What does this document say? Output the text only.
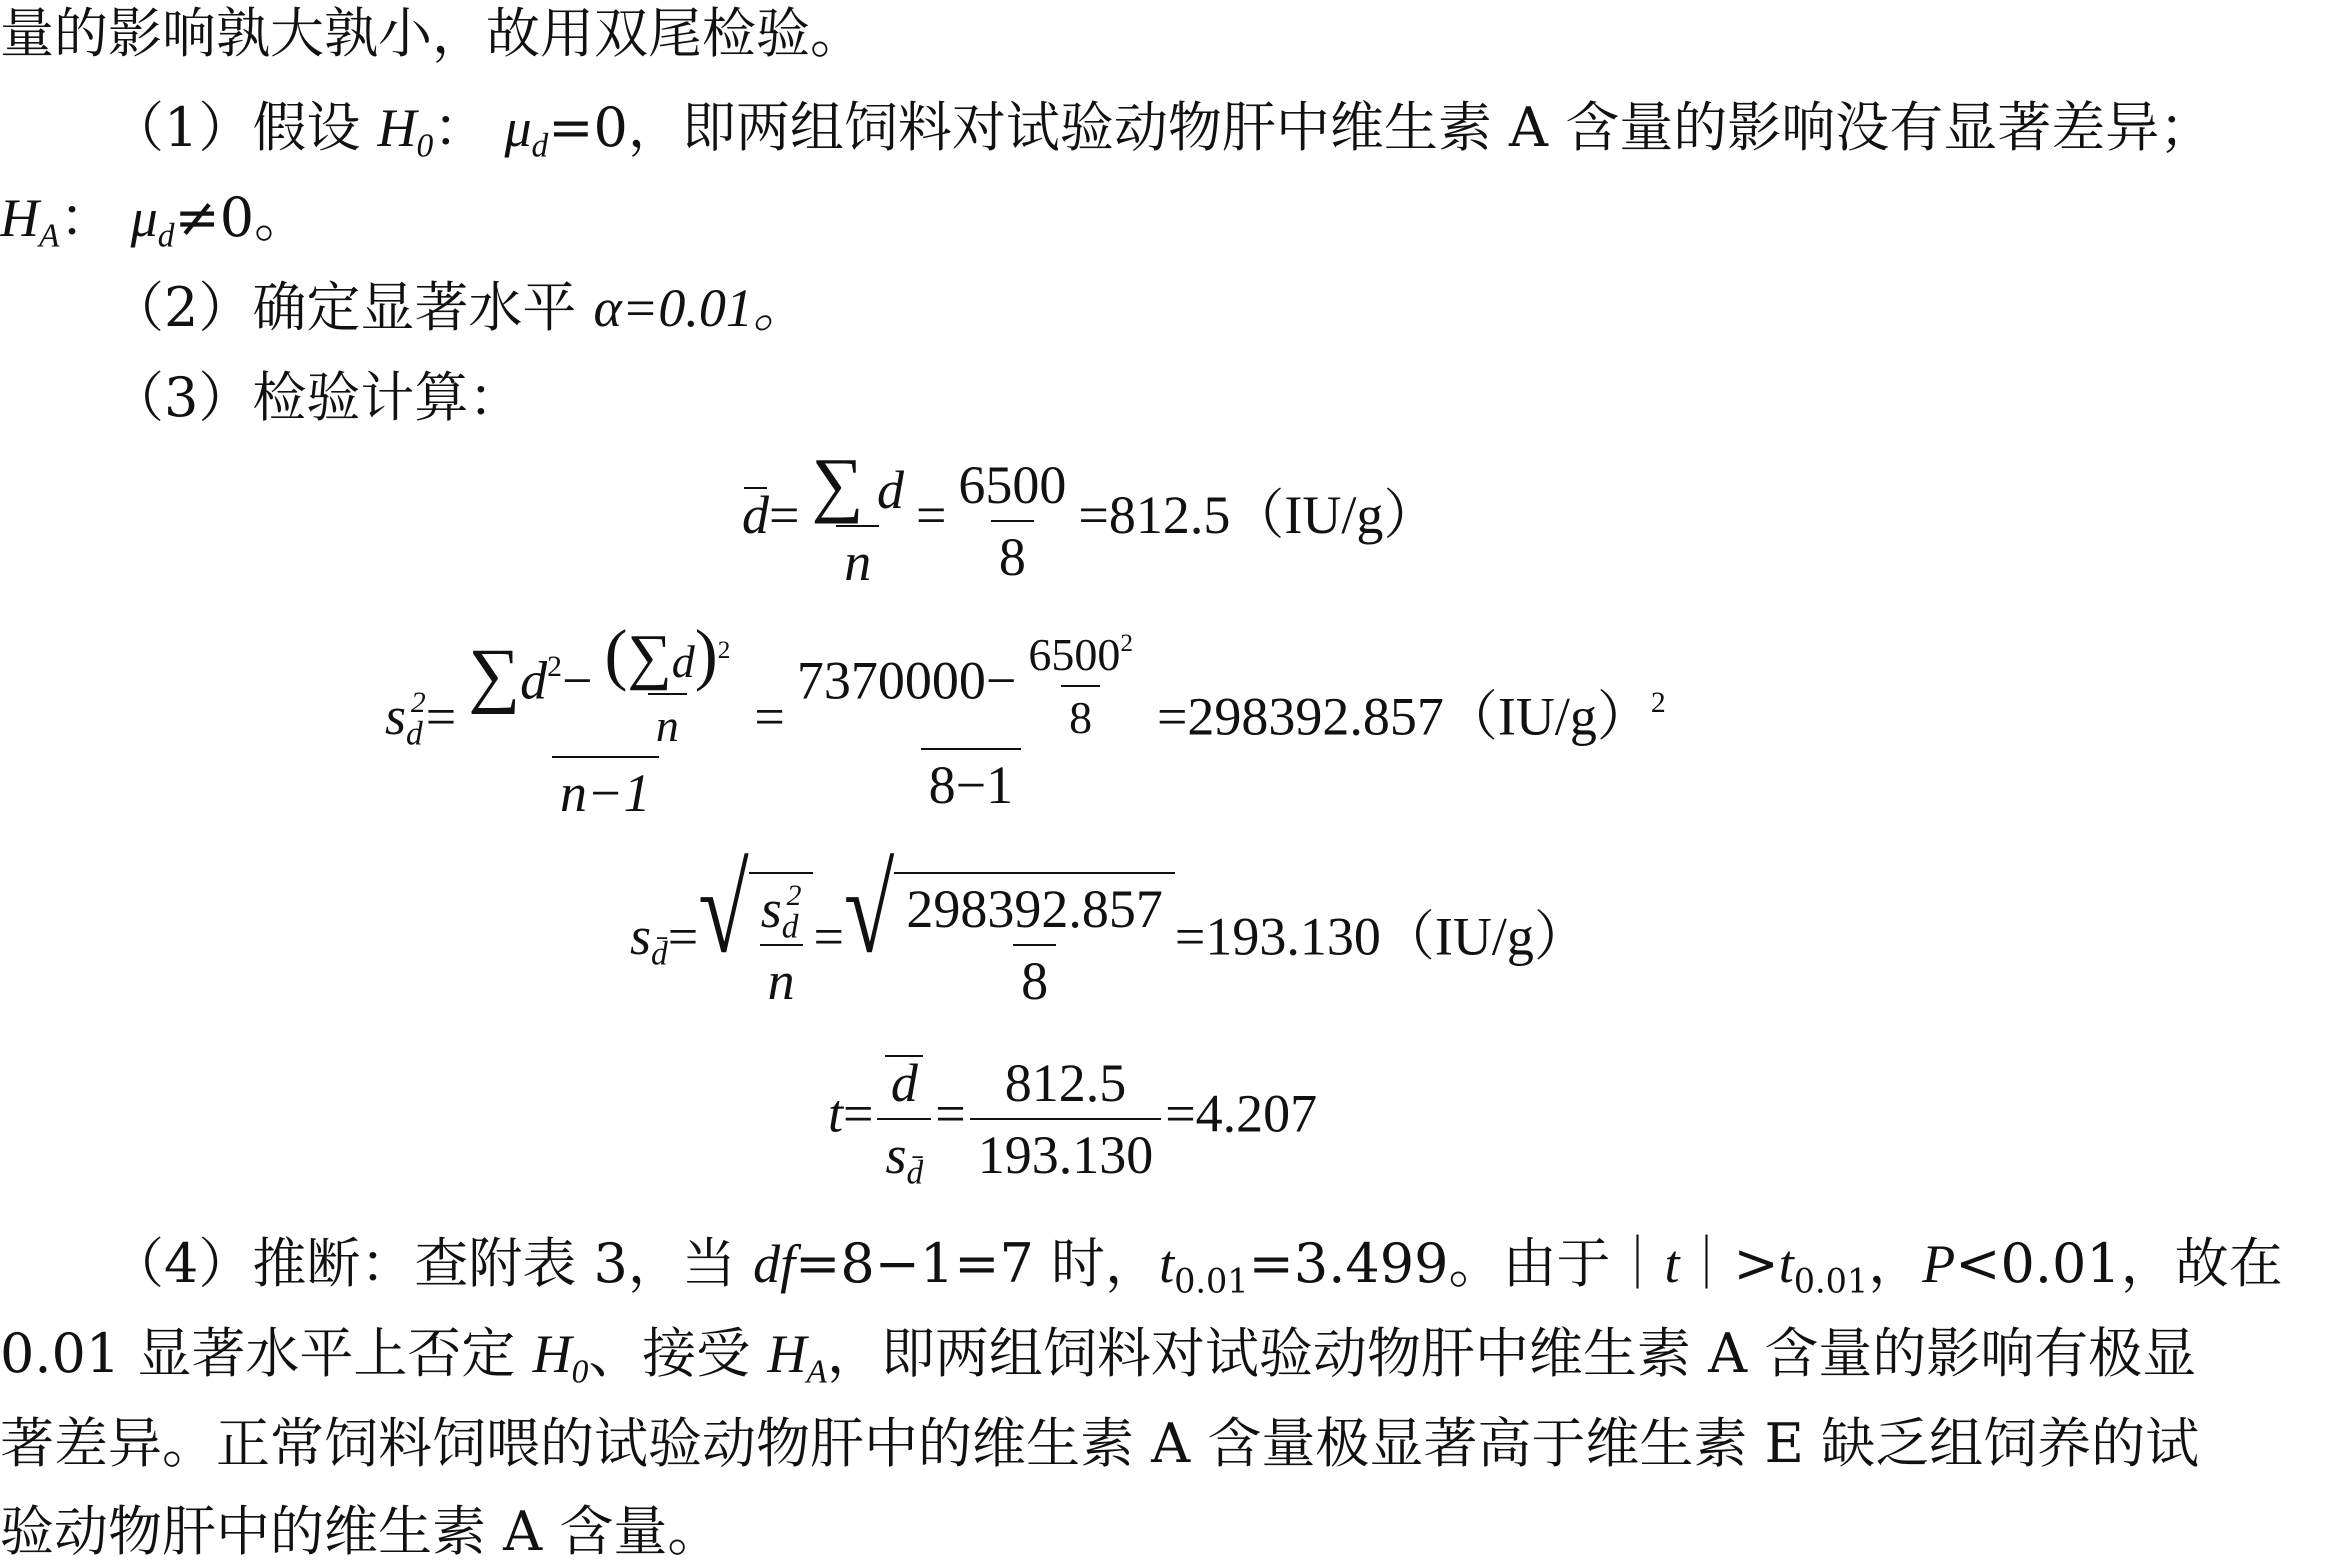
量的影响孰大孰小，故用双尾检验。
（1）假设 $H_0$： $\mu_d=0$，即两组饲料对试验动物肝中维生素 A 含量的影响没有显著差异；
$H_A$： $\mu_d\ne 0$。
（2）确定显著水平 α=0.01。
（3）检验计算：
$d= \frac{\sum d}{n} = \frac{6500}{8} =812.5(IU/g)$
$s_d^2= \frac{\sum d^2- \frac{(\sum d)^2}{n}}{n-1} = \frac{7370000- \frac{6500^2}{8}}{8-1} =298392.857(IU/g)^2$
$s_{d̄}=$ √ $\frac{s_d^2}{n}$ = √ $\frac{298392.857}{8} =193.130(IU/g)$
$t= \frac{d}{s_{d̄}} = \frac{812.5}{193.130} =4.207$
（4）推断：查附表 3，当 df=8−1=7 时，$t_{0.01}=3.499$。由于$|t|>t_{0.01}$，P<0.01，故在
0.01 显著水平上否定 $H_0$、接受 $H_A$，即两组饲料对试验动物肝中维生素 A 含量的影响有极显
著差异。正常饲料饲喂的试验动物肝中的维生素 A 含量极显著高于维生素 E 缺乏组饲养的试
验动物肝中的维生素 A 含量。
